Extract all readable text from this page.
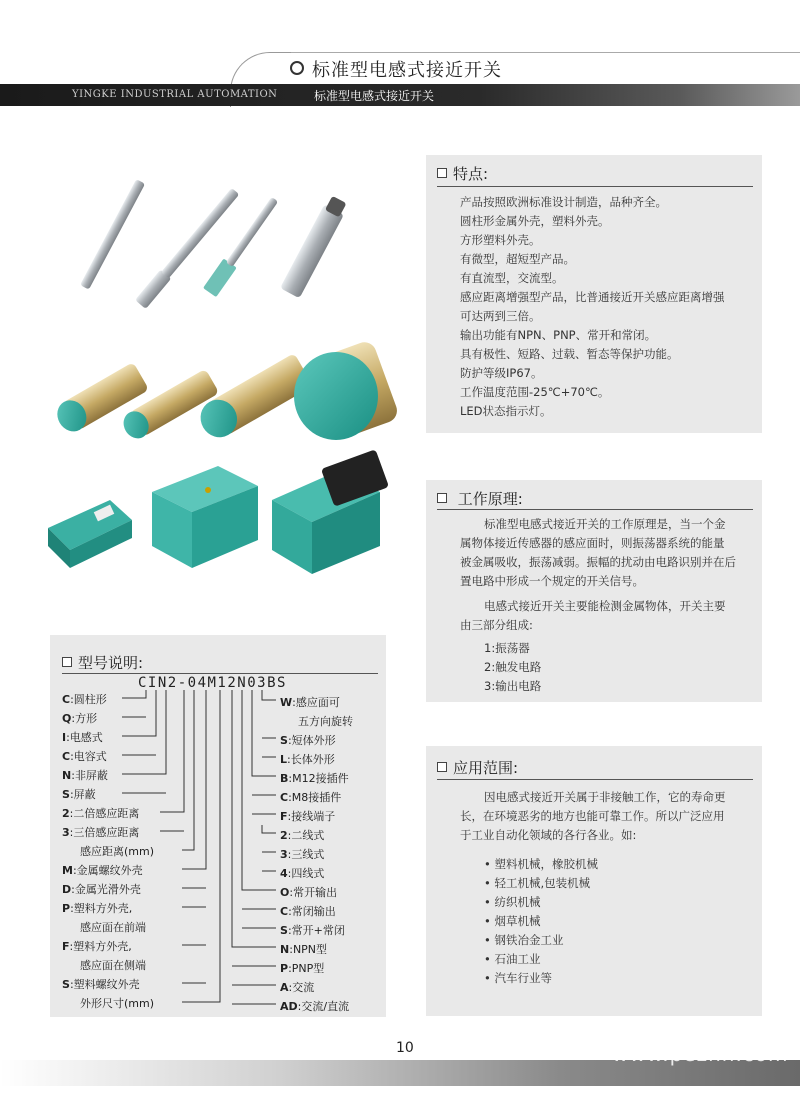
标准型电感式接近开关
YINGKE INDUSTRIAL AUTOMATION	标准型电感式接近开关
特点:
产品按照欧洲标准设计制造，品种齐全。
圆柱形金属外壳，塑料外壳。
方形塑料外壳。
有微型，超短型产品。
有直流型，交流型。
感应距离增强型产品，比普通接近开关感应距离增强
可达两到三倍。
输出功能有NPN、PNP、常开和常闭。
具有极性、短路、过载、暂态等保护功能。
防护等级IP67。
工作温度范围-25℃+70℃。
LED状态指示灯。
工作原理:
标准型电感式接近开关的工作原理是，当一个金
属物体接近传感器的感应面时，则振荡器系统的能量
被金属吸收，振荡减弱。振幅的扰动由电路识别并在后
置电路中形成一个规定的开关信号。
电感式接近开关主要能检测金属物体，开关主要
由三部分组成:
1:振荡器
2:触发电路
3:输出电路
应用范围:
因电感式接近开关属于非接触工作，它的寿命更
长，在环境恶劣的地方也能可靠工作。所以广泛应用
于工业自动化领域的各行各业。如:
• 塑料机械，橡胶机械
• 轻工机械,包装机械
• 纺织机械
• 烟草机械
• 钢铁冶金工业
• 石油工业
• 汽车行业等
型号说明:
CIN2-04M12N03BS
C:圆柱形
Q:方形
I:电感式
C:电容式
N:非屏蔽
S:屏蔽
2:二倍感应距离
3:三倍感应距离
感应距离(mm)
M:金属螺纹外壳
D:金属光滑外壳
P:塑料方外壳,
感应面在前端
F:塑料方外壳,
感应面在侧端
S:塑料螺纹外壳
外形尺寸(mm)
W:感应面可
五方向旋转
S:短体外形
L:长体外形
B:M12接插件
C:M8接插件
F:接线端子
2:二线式
3:三线式
4:四线式
O:常开输出
C:常闭输出
S:常开+常闭
N:NPN型
P:PNP型
A:交流
AD:交流/直流
10	www.pezhn.com
